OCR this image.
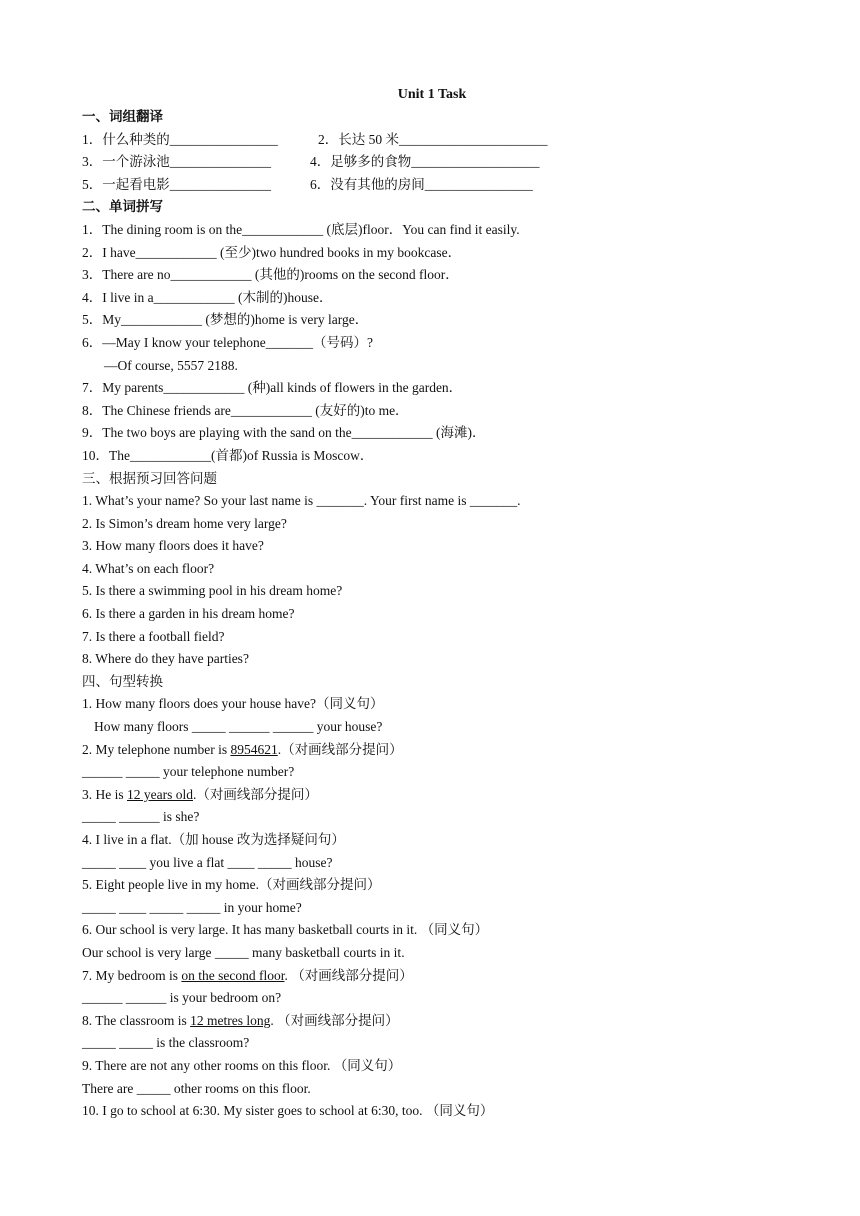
Unit 1 Task
一、词组翻译
1．什么种类的________________	2．长达 50 米______________________
3．一个游泳池_______________	4．足够多的食物___________________
5．一起看电影_______________	6．没有其他的房间________________
二、单词拼写
1．The dining room is on the____________ (底层)floor．You can find it easily.
2．I have____________ (至少)two hundred books in my bookcase．
3．There are no____________ (其他的)rooms on the second floor．
4．I live in a____________ (木制的)house．
5．My____________ (梦想的)home is very large．
6．—May I know your telephone_______（号码）?
—Of course, 5557 2188.
7．My parents____________ (种)all kinds of flowers in the garden．
8．The Chinese friends are____________ (友好的)to me．
9．The two boys are playing with the sand on the____________ (海滩)．
10．The____________(首都)of Russia is Moscow．
三、根据预习回答问题
1. What’s your name? So your last name is _______. Your first name is _______.
2. Is Simon’s dream home very large?
3. How many floors does it have?
4. What’s on each floor?
5. Is there a swimming pool in his dream home?
6. Is there a garden in his dream home?
7. Is there a football field?
8. Where do they have parties?
四、句型转换
1. How many floors does your house have?（同义句）
How many floors _____ ______ ______ your house?
2. My telephone number is 8954621.（对画线部分提问）
______ _____ your telephone number?
3. He is 12 years old.（对画线部分提问）
_____ ______ is she?
4. I live in a flat.（加 house 改为选择疑问句）
_____ ____ you live a flat ____ _____ house?
5. Eight people live in my home.（对画线部分提问）
_____ ____ _____ _____ in your home?
6. Our school is very large. It has many basketball courts in it. （同义句）
Our school is very large _____ many basketball courts in it.
7. My bedroom is on the second floor. （对画线部分提问）
______ ______ is your bedroom on?
8. The classroom is 12 metres long. （对画线部分提问）
_____ _____ is the classroom?
9. There are not any other rooms on this floor. （同义句）
There are _____ other rooms on this floor.
10. I go to school at 6:30. My sister goes to school at 6:30, too. （同义句）
